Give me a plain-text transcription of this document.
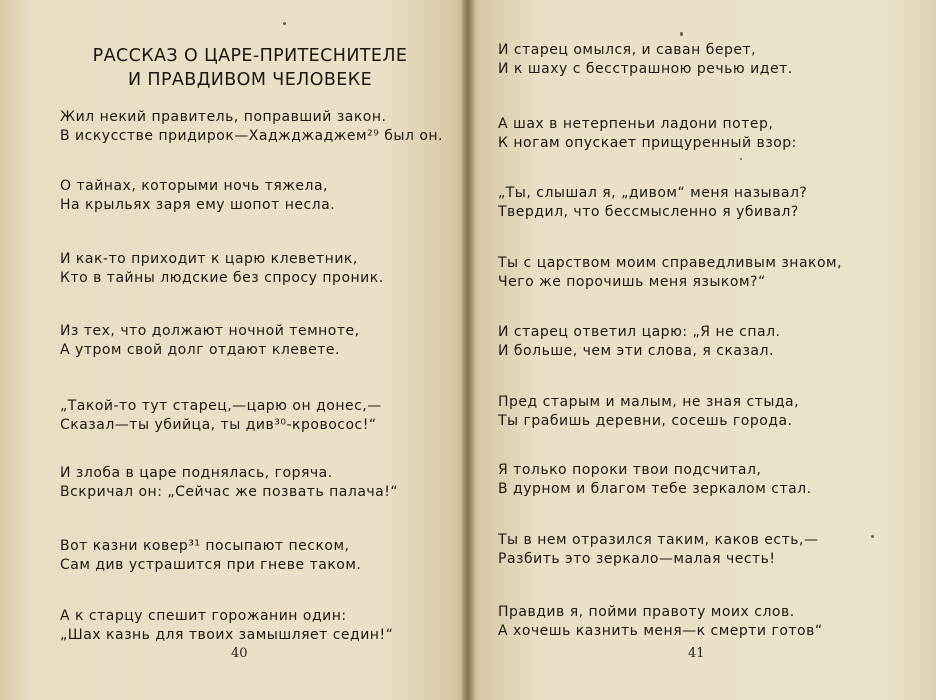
РАССКАЗ О ЦАРЕ-ПРИТЕСНИТЕЛЕ
И ПРАВДИВОМ ЧЕЛОВЕКЕ
Жил некий правитель, поправший закон.
В искусстве придирок—Хаджджаджем²⁹ был он.
О тайнах, которыми ночь тяжела,
На крыльях заря ему шопот несла.
И как-то приходит к царю клеветник,
Кто в тайны людские без спросу проник.
Из тех, что должают ночной темноте,
А утром свой долг отдают клевете.
„Такой-то тут старец,—царю он донес,—
Сказал—ты убийца, ты див³⁰-кровосос!“
И злоба в царе поднялась, горяча.
Вскричал он: „Сейчас же позвать палача!“
Вот казни ковер³¹ посыпают песком,
Сам див устрашится при гневе таком.
А к старцу спешит горожанин один:
„Шах казнь для твоих замышляет седин!“
40
И старец омылся, и саван берет,
И к шаху с бесстрашною речью идет.
А шах в нетерпеньи ладони потер,
К ногам опускает прищуренный взор:
„Ты, слышал я, „дивом“ меня называл?
Твердил, что бессмысленно я убивал?
Ты с царством моим справедливым знаком,
Чего же порочишь меня языком?“
И старец ответил царю: „Я не спал.
И больше, чем эти слова, я сказал.
Пред старым и малым, не зная стыда,
Ты грабишь деревни, сосешь города.
Я только пороки твои подсчитал,
В дурном и благом тебе зеркалом стал.
Ты в нем отразился таким, каков есть,—
Разбить это зеркало—малая честь!
Правдив я, пойми правоту моих слов.
А хочешь казнить меня—к смерти готов“
41
